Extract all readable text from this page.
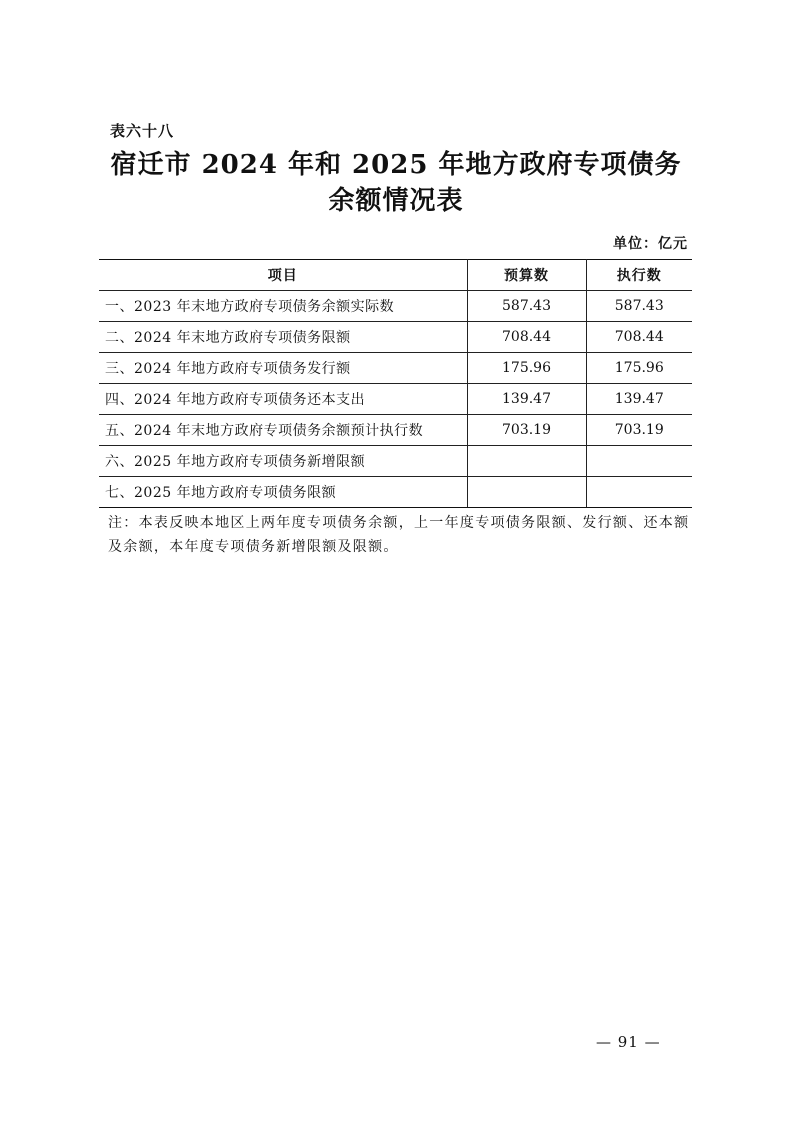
表六十八
宿迁市 2024 年和 2025 年地方政府专项债务
余额情况表
单位：亿元
项目	预算数	执行数
一、2023 年末地方政府专项债务余额实际数	587.43	587.43
二、2024 年末地方政府专项债务限额	708.44	708.44
三、2024 年地方政府专项债务发行额	175.96	175.96
四、2024 年地方政府专项债务还本支出	139.47	139.47
五、2024 年末地方政府专项债务余额预计执行数	703.19	703.19
六、2025 年地方政府专项债务新增限额		
七、2025 年地方政府专项债务限额		
注：本表反映本地区上两年度专项债务余额，上一年度专项债务限额、发行额、还本额及余额，本年度专项债务新增限额及限额。
— 91 —
